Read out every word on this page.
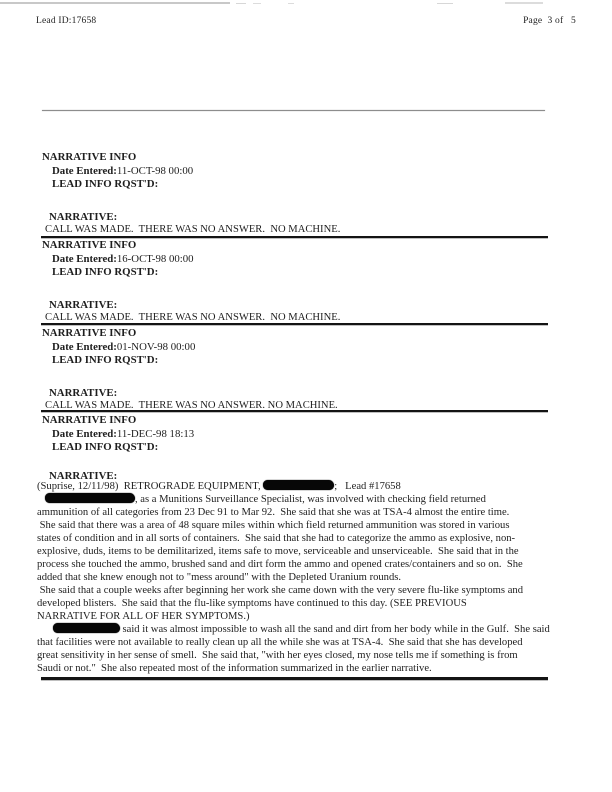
Lead ID:17658	Page  3 of   5
NARRATIVE INFO
Date Entered:11-OCT-98 00:00
LEAD INFO RQST'D:
NARRATIVE:
CALL WAS MADE.  THERE WAS NO ANSWER.  NO MACHINE.
NARRATIVE INFO
Date Entered:16-OCT-98 00:00
LEAD INFO RQST'D:
NARRATIVE:
CALL WAS MADE.  THERE WAS NO ANSWER.  NO MACHINE.
NARRATIVE INFO
Date Entered:01-NOV-98 00:00
LEAD INFO RQST'D:
NARRATIVE:
CALL WAS MADE.  THERE WAS NO ANSWER. NO MACHINE.
NARRATIVE INFO
Date Entered:11-DEC-98 18:13
LEAD INFO RQST'D:
NARRATIVE:
(Suprise, 12/11/98)  RETROGRADE EQUIPMENT,	;   Lead #17658
, as a Munitions Surveillance Specialist, was involved with checking field returned
ammunition of all categories from 23 Dec 91 to Mar 92.  She said that she was at TSA-4 almost the entire time.
She said that there was a area of 48 square miles within which field returned ammunition was stored in various
states of condition and in all sorts of containers.  She said that she had to categorize the ammo as explosive, non-
explosive, duds, items to be demilitarized, items safe to move, serviceable and unserviceable.  She said that in the
process she touched the ammo, brushed sand and dirt form the ammo and opened crates/containers and so on.  She
added that she knew enough not to "mess around" with the Depleted Uranium rounds.
She said that a couple weeks after beginning her work she came down with the very severe flu-like symptoms and
developed blisters.  She said that the flu-like symptoms have continued to this day. (SEE PREVIOUS
NARRATIVE FOR ALL OF HER SYMPTOMS.)
said it was almost impossible to wash all the sand and dirt from her body while in the Gulf.  She said
that facilities were not available to really clean up all the while she was at TSA-4.  She said that she has developed
great sensitivity in her sense of smell.  She said that, "with her eyes closed, my nose tells me if something is from
Saudi or not."  She also repeated most of the information summarized in the earlier narrative.
